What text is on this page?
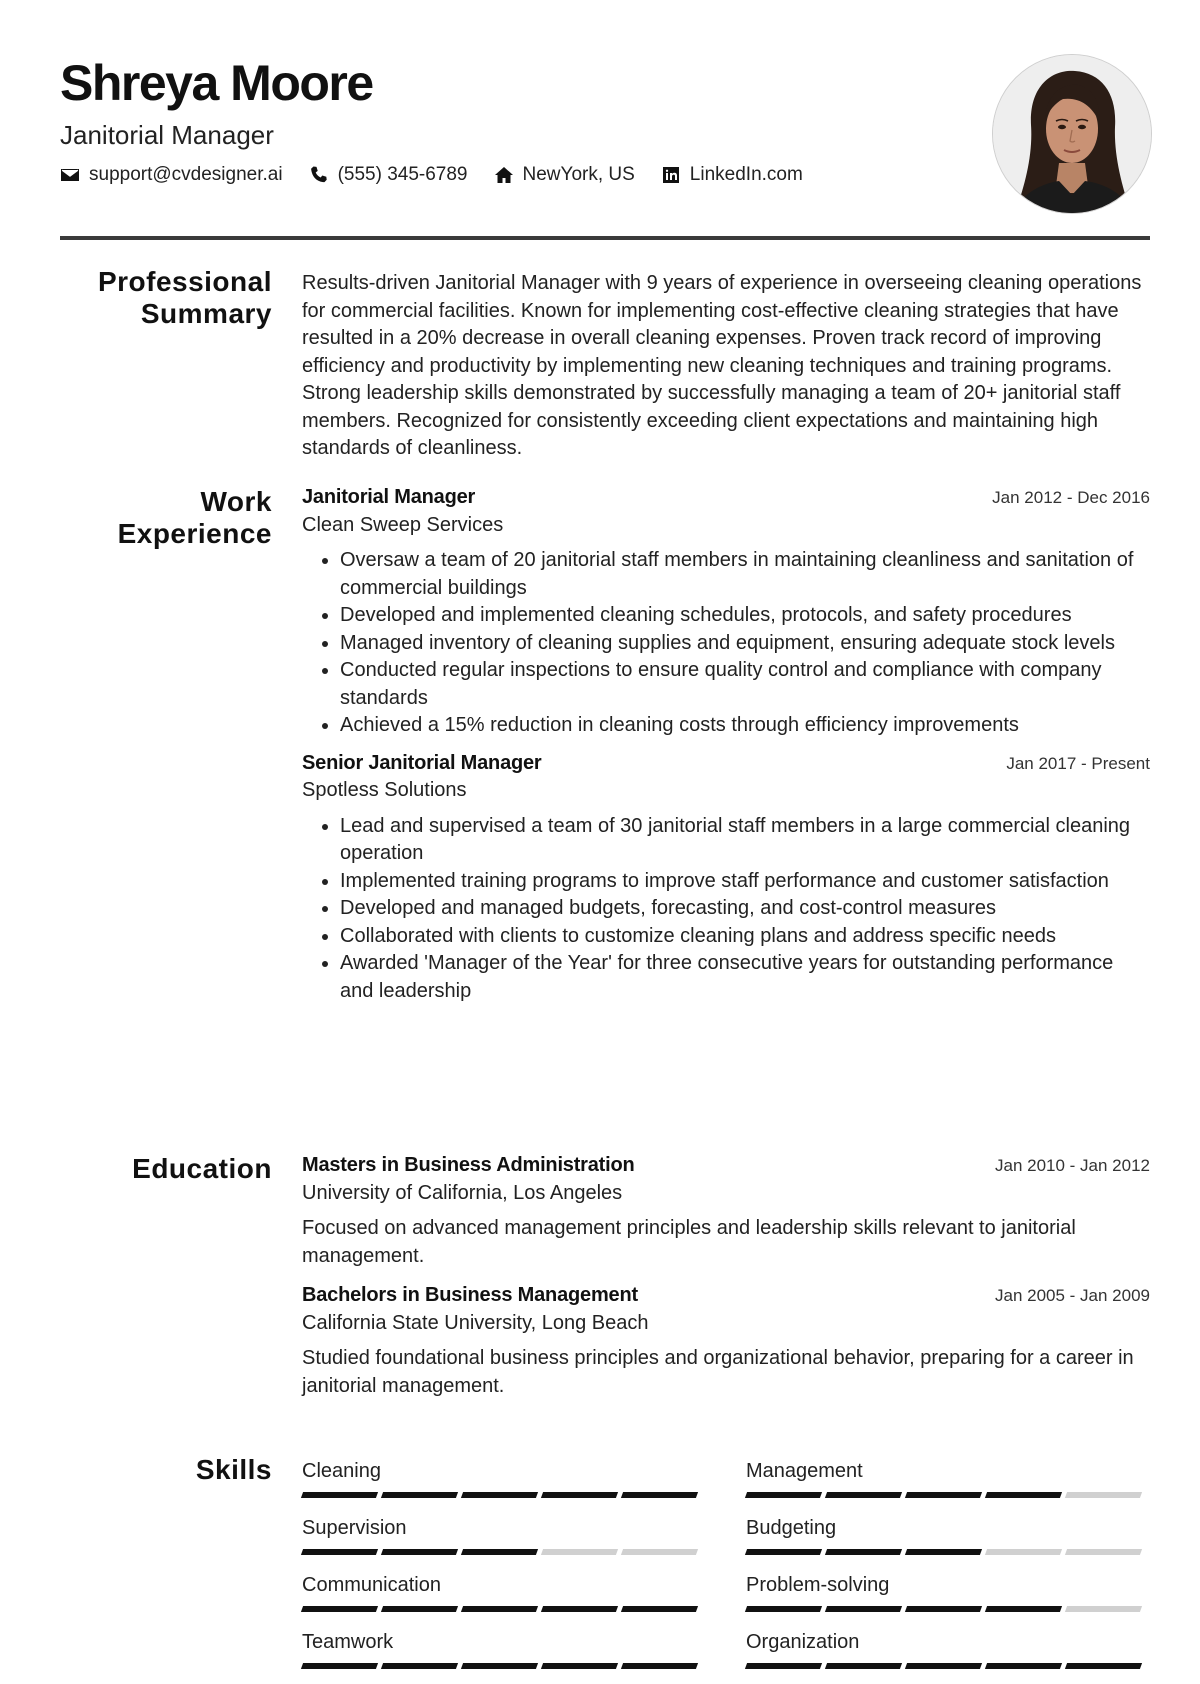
Shreya Moore
Janitorial Manager
support@cvdesigner.ai	(555) 345-6789	NewYork, US	LinkedIn.com
Professional
Summary
Results-driven Janitorial Manager with 9 years of experience in overseeing cleaning operations for commercial facilities. Known for implementing cost-effective cleaning strategies that have resulted in a 20% decrease in overall cleaning expenses. Proven track record of improving efficiency and productivity by implementing new cleaning techniques and training programs. Strong leadership skills demonstrated by successfully managing a team of 20+ janitorial staff members. Recognized for consistently exceeding client expectations and maintaining high standards of cleanliness.
Work
Experience
Janitorial Manager	Jan 2012 - Dec 2016
Clean Sweep Services
• Oversaw a team of 20 janitorial staff members in maintaining cleanliness and sanitation of commercial buildings
• Developed and implemented cleaning schedules, protocols, and safety procedures
• Managed inventory of cleaning supplies and equipment, ensuring adequate stock levels
• Conducted regular inspections to ensure quality control and compliance with company standards
• Achieved a 15% reduction in cleaning costs through efficiency improvements
Senior Janitorial Manager	Jan 2017 - Present
Spotless Solutions
• Lead and supervised a team of 30 janitorial staff members in a large commercial cleaning operation
• Implemented training programs to improve staff performance and customer satisfaction
• Developed and managed budgets, forecasting, and cost-control measures
• Collaborated with clients to customize cleaning plans and address specific needs
• Awarded 'Manager of the Year' for three consecutive years for outstanding performance and leadership
Education Masters in Business Administration	Jan 2010 - Jan 2012
University of California, Los Angeles
Focused on advanced management principles and leadership skills relevant to janitorial management.
Bachelors in Business Management	Jan 2005 - Jan 2009
California State University, Long Beach
Studied foundational business principles and organizational behavior, preparing for a career in janitorial management.
Skills Cleaning	Management
Supervision	Budgeting
Communication	Problem-solving
Teamwork	Organization
